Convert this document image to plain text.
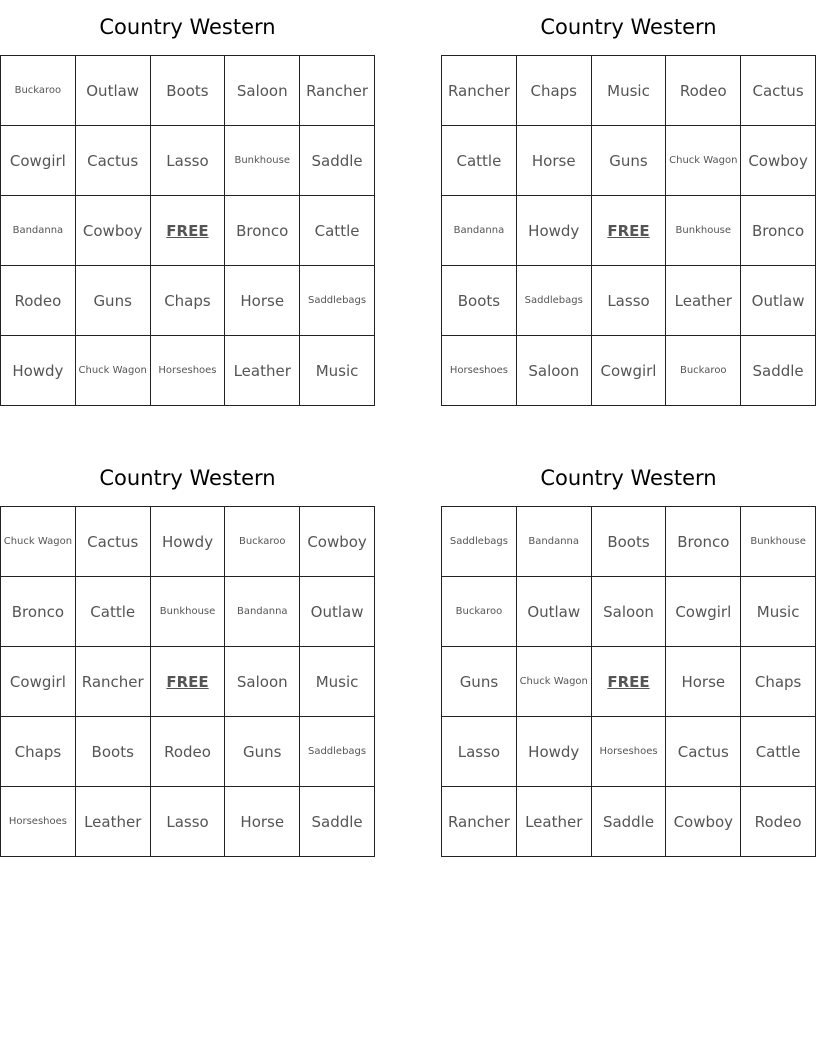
Country Western
Buckaroo	Outlaw	Boots	Saloon	Rancher
Cowgirl	Cactus	Lasso	Bunkhouse	Saddle
Bandanna	Cowboy	FREE	Bronco	Cattle
Rodeo	Guns	Chaps	Horse	Saddlebags
Howdy	Chuck Wagon	Horseshoes	Leather	Music
Country Western
Rancher	Chaps	Music	Rodeo	Cactus
Cattle	Horse	Guns	Chuck Wagon	Cowboy
Bandanna	Howdy	FREE	Bunkhouse	Bronco
Boots	Saddlebags	Lasso	Leather	Outlaw
Horseshoes	Saloon	Cowgirl	Buckaroo	Saddle
Country Western
Chuck Wagon	Cactus	Howdy	Buckaroo	Cowboy
Bronco	Cattle	Bunkhouse	Bandanna	Outlaw
Cowgirl	Rancher	FREE	Saloon	Music
Chaps	Boots	Rodeo	Guns	Saddlebags
Horseshoes	Leather	Lasso	Horse	Saddle
Country Western
Saddlebags	Bandanna	Boots	Bronco	Bunkhouse
Buckaroo	Outlaw	Saloon	Cowgirl	Music
Guns	Chuck Wagon	FREE	Horse	Chaps
Lasso	Howdy	Horseshoes	Cactus	Cattle
Rancher	Leather	Saddle	Cowboy	Rodeo
